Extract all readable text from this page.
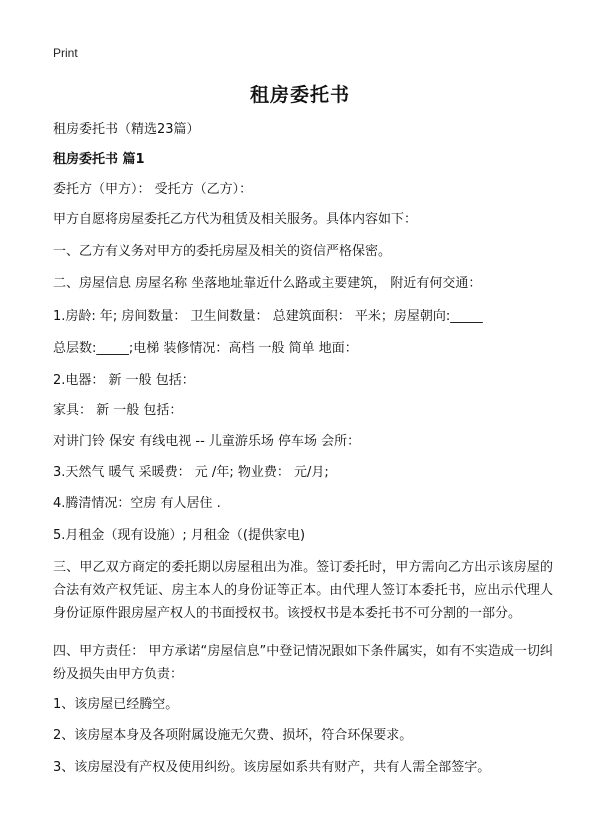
Print
租房委托书
租房委托书（精选23篇）
租房委托书 篇1
委托方（甲方）： 受托方（乙方）：
甲方自愿将房屋委托乙方代为租赁及相关服务。具体内容如下：
一、乙方有义务对甲方的委托房屋及相关的资信严格保密。
二、房屋信息 房屋名称 坐落地址靠近什么路或主要建筑， 附近有何交通：
1.房龄: 年; 房间数量： 卫生间数量： 总建筑面积： 平米；房屋朝向:_____
总层数:_____;电梯 装修情况：高档 一般 简单 地面：
2.电器： 新 一般 包括：
家具： 新 一般 包括：
对讲门铃 保安 有线电视 -- 儿童游乐场 停车场 会所：
3.天然气 暖气 采暖费： 元 /年; 物业费： 元/月;
4.腾清情况：空房 有人居住 .
5.月租金（现有设施）; 月租金（(提供家电)
三、甲乙双方商定的委托期以房屋租出为准。签订委托时，甲方需向乙方出示该房屋的合法有效产权凭证、房主本人的身份证等正本。由代理人签订本委托书，应出示代理人身份证原件跟房屋产权人的书面授权书。该授权书是本委托书不可分割的一部分。
四、甲方责任： 甲方承诺“房屋信息”中登记情况跟如下条件属实，如有不实造成一切纠纷及损失由甲方负责：
1、该房屋已经腾空。
2、该房屋本身及各项附属设施无欠费、损坏，符合环保要求。
3、该房屋没有产权及使用纠纷。该房屋如系共有财产，共有人需全部签字。
